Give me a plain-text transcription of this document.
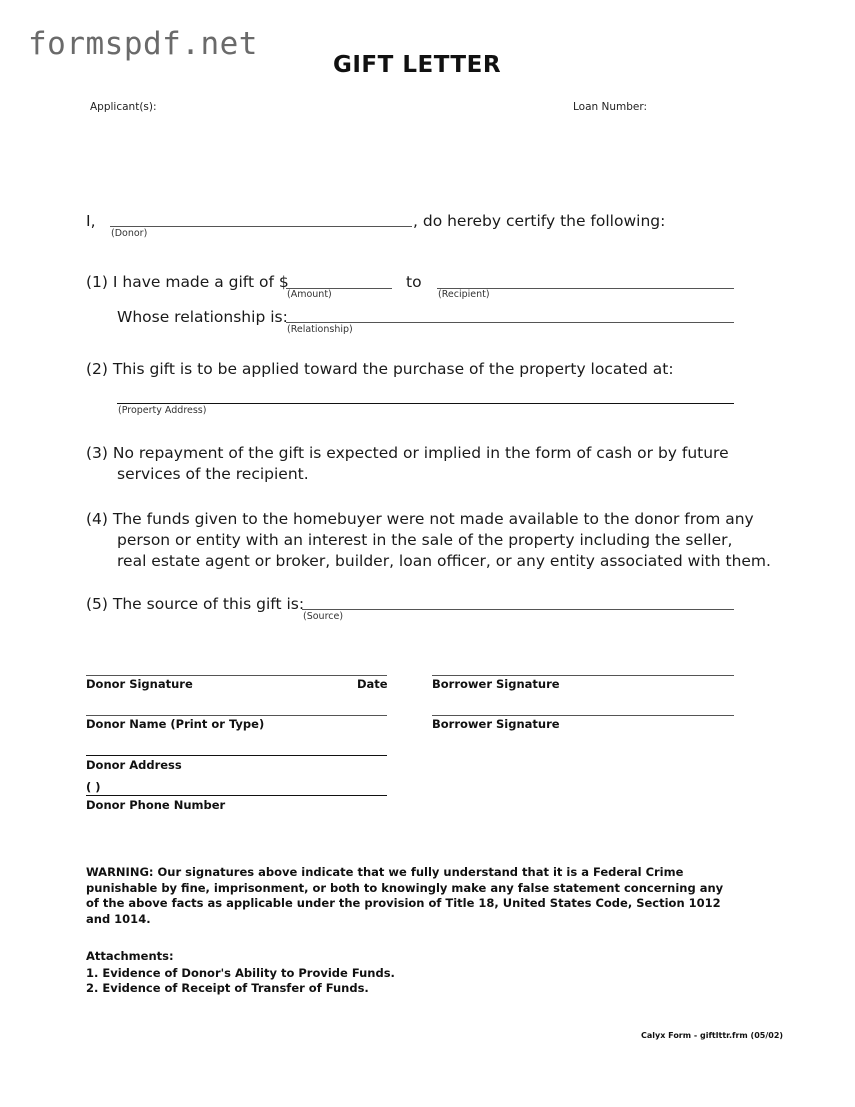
formspdf.net
GIFT LETTER
Applicant(s):	Loan Number:
I,
(Donor)
, do hereby certify the following:
(1) I have made a gift of $
(Amount)
to
(Recipient)
Whose relationship is:
(Relationship)
(2) This gift is to be applied toward the purchase of the property located at:
(Property Address)
(3) No repayment of the gift is expected or implied in the form of cash or by future
services of the recipient.
(4) The funds given to the homebuyer were not made available to the donor from any
person or entity with an interest in the sale of the property including the seller,
real estate agent or broker, builder, loan officer, or any entity associated with them.
(5) The source of this gift is:
(Source)
Donor Signature	Date	Borrower Signature
Donor Name (Print or Type)	Borrower Signature
Donor Address
( )
Donor Phone Number
WARNING: Our signatures above indicate that we fully understand that it is a Federal Crime punishable by fine, imprisonment, or both to knowingly make any false statement concerning any of the above facts as applicable under the provision of Title 18, United States Code, Section 1012 and 1014.
Attachments:
1. Evidence of Donor's Ability to Provide Funds.
2. Evidence of Receipt of Transfer of Funds.
Calyx Form - giftlttr.frm (05/02)
